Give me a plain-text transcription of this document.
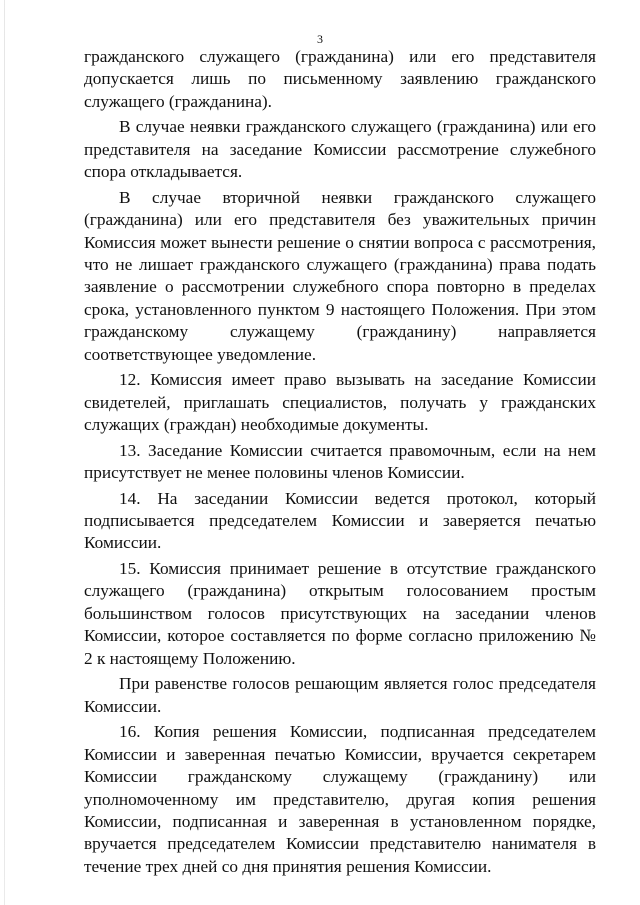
3

гражданского служащего (гражданина) или его представителя допускается лишь по письменному заявлению гражданского служащего (гражданина).

В случае неявки гражданского служащего (гражданина) или его представителя на заседание Комиссии рассмотрение служебного спора откладывается.

В случае вторичной неявки гражданского служащего (гражданина) или его представителя без уважительных причин Комиссия может вынести решение о снятии вопроса с рассмотрения, что не лишает гражданского служащего (гражданина) права подать заявление о рассмотрении служебного спора повторно в пределах срока, установленного пунктом 9 настоящего Положения. При этом гражданскому служащему (гражданину) направляется соответствующее уведомление.

12. Комиссия имеет право вызывать на заседание Комиссии свидетелей, приглашать специалистов, получать у гражданских служащих (граждан) необходимые документы.

13. Заседание Комиссии считается правомочным, если на нем присутствует не менее половины членов Комиссии.

14. На заседании Комиссии ведется протокол, который подписывается председателем Комиссии и заверяется печатью Комиссии.

15. Комиссия принимает решение в отсутствие гражданского служащего (гражданина) открытым голосованием простым большинством голосов присутствующих на заседании членов Комиссии, которое составляется по форме согласно приложению № 2 к настоящему Положению.

При равенстве голосов решающим является голос председателя Комиссии.

16. Копия решения Комиссии, подписанная председателем Комиссии и заверенная печатью Комиссии, вручается секретарем Комиссии гражданскому служащему (гражданину) или уполномоченному им представителю, другая копия решения Комиссии, подписанная и заверенная в установленном порядке, вручается председателем Комиссии представителю нанимателя в течение трех дней со дня принятия решения Комиссии.
